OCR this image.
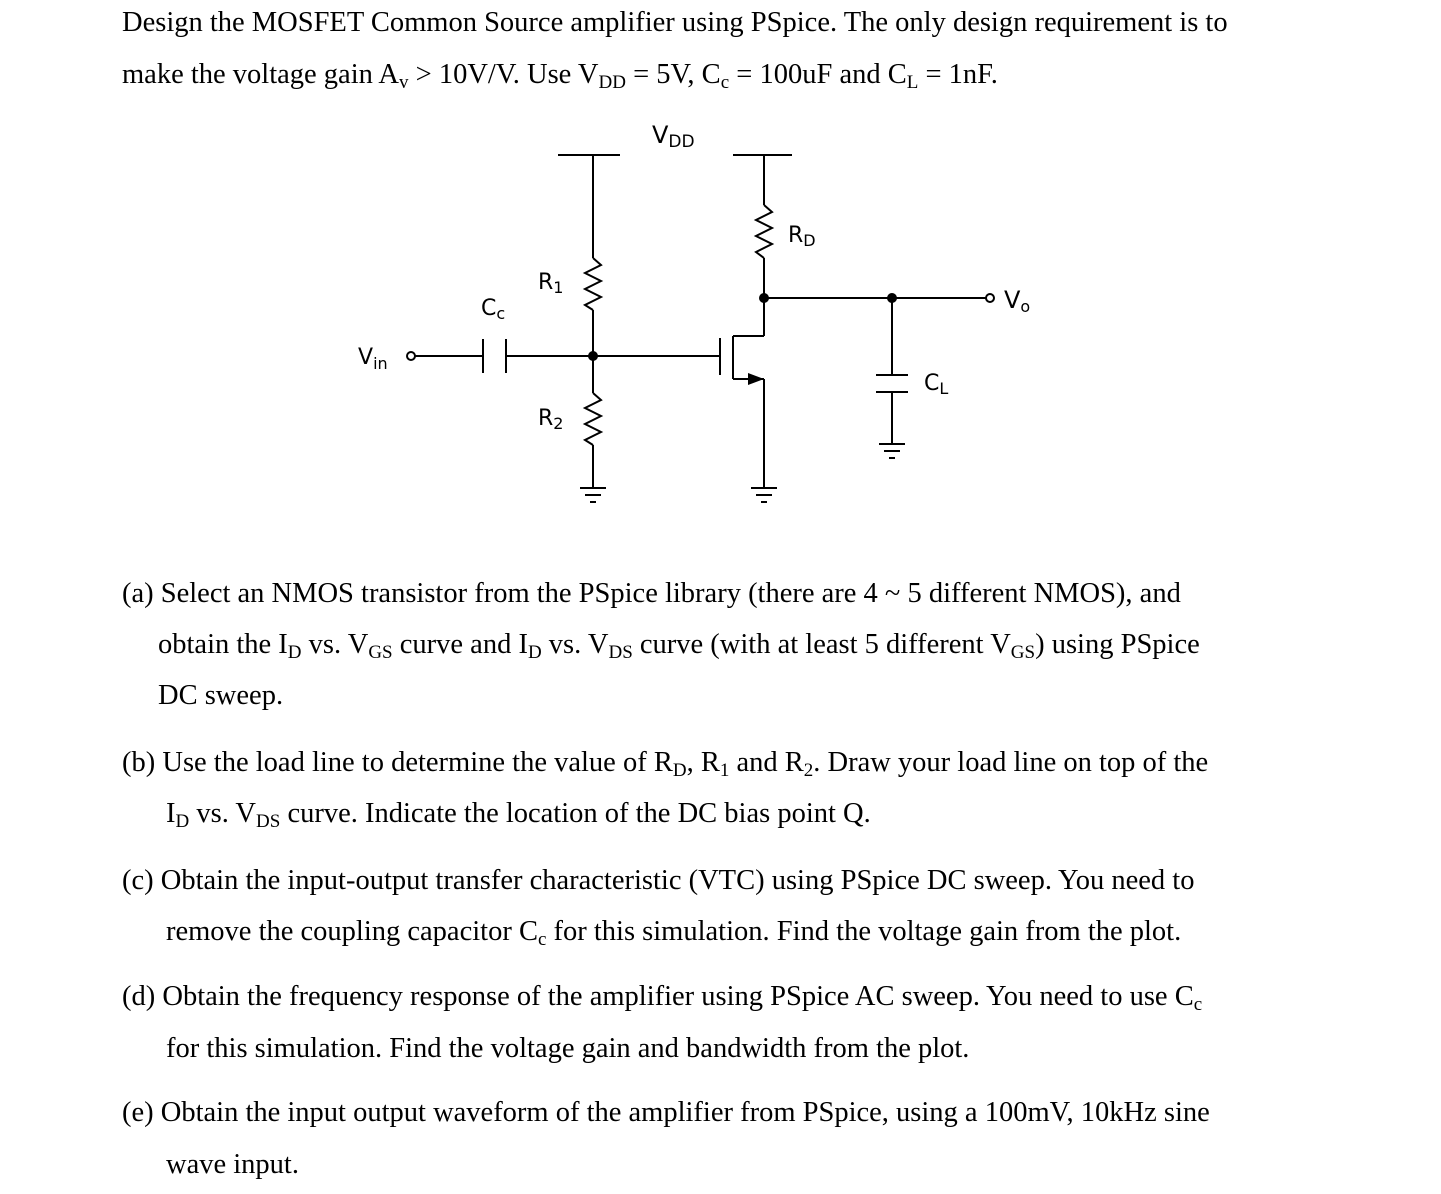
Design the MOSFET Common Source amplifier using PSpice. The only design requirement is to
make the voltage gain $A_v > 10V/V$. Use $V_{DD} = 5V$, $C_c = 100uF$ and $C_L = 1nF$.
VDD
RD
R1
R2
Cc
CL
$V_{in}$
Vo
(a) Select an NMOS transistor from the PSpice library (there are 4 ~ 5 different NMOS), and
obtain the $I_D$ vs. $V_{GS}$ curve and $I_D$ vs. $V_{DS}$ curve (with at least 5 different $V_{GS}$) using PSpice
DC sweep.
(b) Use the load line to determine the value of $R_D$, $R_1$ and $R_2$. Draw your load line on top of the
$I_D$ vs. $V_{DS}$ curve. Indicate the location of the DC bias point Q.
(c) Obtain the input-output transfer characteristic (VTC) using PSpice DC sweep. You need to
remove the coupling capacitor $C_c$ for this simulation. Find the voltage gain from the plot.
(d) Obtain the frequency response of the amplifier using PSpice AC sweep. You need to use $C_c$
for this simulation. Find the voltage gain and bandwidth from the plot.
(e) Obtain the input output waveform of the amplifier from PSpice, using a 100mV, 10kHz sine
wave input.
